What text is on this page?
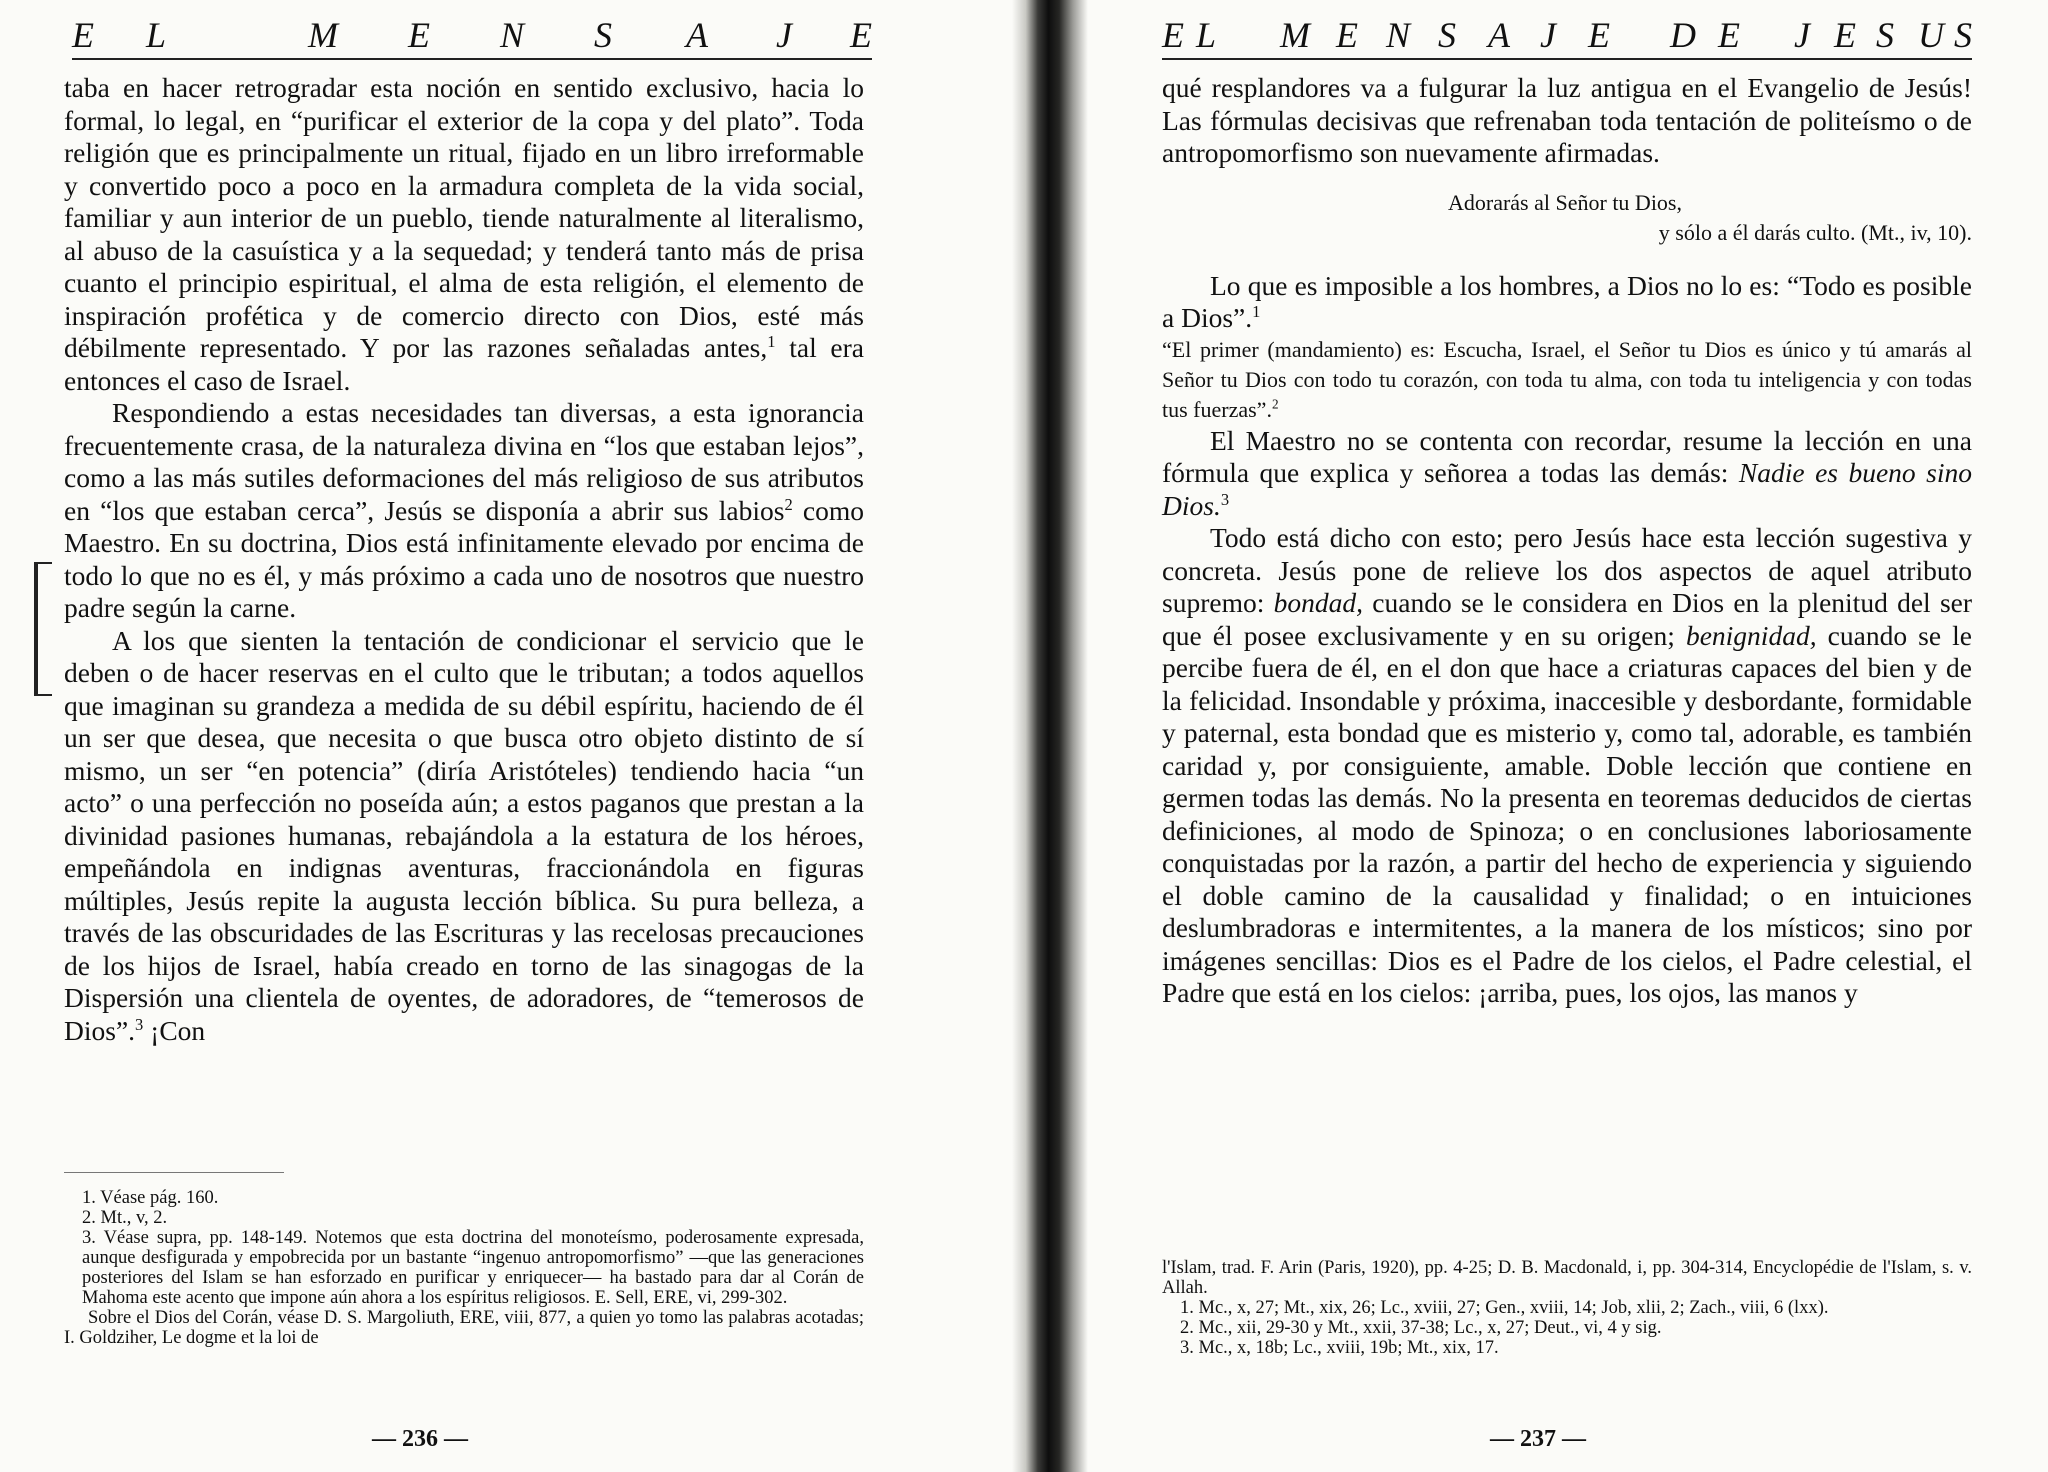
E L	M E N S A J E

taba en hacer retrogradar esta noción en sentido exclusivo, hacia lo formal, lo legal, en “purificar el exterior de la copa y del plato”. Toda religión que es principalmente un ritual, fijado en un libro irreformable y convertido poco a poco en la armadura completa de la vida social, familiar y aun interior de un pueblo, tiende naturalmente al literalismo, al abuso de la casuística y a la sequedad; y tenderá tanto más de prisa cuanto el principio espiritual, el alma de esta religión, el elemento de inspiración profética y de comercio directo con Dios, esté más débilmente representado. Y por las razones señaladas antes,$^1$ tal era entonces el caso de Israel.

Respondiendo a estas necesidades tan diversas, a esta ignorancia frecuentemente crasa, de la naturaleza divina en “los que estaban lejos”, como a las más sutiles deformaciones del más religioso de sus atributos en “los que estaban cerca”, Jesús se disponía a abrir sus labios$^2$ como Maestro. En su doctrina, Dios está infinitamente elevado por encima de todo lo que no es él, y más próximo a cada uno de nosotros que nuestro padre según la carne.

A los que sienten la tentación de condicionar el servicio que le deben o de hacer reservas en el culto que le tributan; a todos aquellos que imaginan su grandeza a medida de su débil espíritu, haciendo de él un ser que desea, que necesita o que busca otro objeto distinto de sí mismo, un ser “en potencia” (diría Aristóteles) tendiendo hacia “un acto” o una perfección no poseída aún; a estos paganos que prestan a la divinidad pasiones humanas, rebajándola a la estatura de los héroes, empeñándola en indignas aventuras, fraccionándola en figuras múltiples, Jesús repite la augusta lección bíblica. Su pura belleza, a través de las obscuridades de las Escrituras y las recelosas precauciones de los hijos de Israel, había creado en torno de las sinagogas de la Dispersión una clientela de oyentes, de adoradores, de “temerosos de Dios”.$^3$ ¡Con

1. Véase pág. 160.

2. Mt., v, 2.

3. Véase supra, pp. 148-149. Notemos que esta doctrina del monoteísmo, poderosamente expresada, aunque desfigurada y empobrecida por un bastante “ingenuo antropomorfismo” —que las generaciones posteriores del Islam se han esforzado en purificar y enriquecer— ha bastado para dar al Corán de Mahoma este acento que impone aún ahora a los espíritus religiosos. E. Sell, ERE, vi, 299-302.

Sobre el Dios del Corán, véase D. S. Margoliuth, ERE, viii, 877, a quien yo tomo las palabras acotadas; I. Goldziher, Le dogme et la loi de

— 236 —
E L M E N S A J E D E J E S U S

qué resplandores va a fulgurar la luz antigua en el Evangelio de Jesús! Las fórmulas decisivas que refrenaban toda tentación de politeísmo o de antropomorfismo son nuevamente afirmadas.

Adorarás al Señor tu Dios,
y sólo a él darás culto. (Mt., iv, 10).

Lo que es imposible a los hombres, a Dios no lo es: “Todo es posible a Dios”.$^1$

“El primer (mandamiento) es: Escucha, Israel, el Señor tu Dios es único y tú amarás al Señor tu Dios con todo tu corazón, con toda tu alma, con toda tu inteligencia y con todas tus fuerzas”.$^2$

El Maestro no se contenta con recordar, resume la lección en una fórmula que explica y señorea a todas las demás: Nadie es bueno sino Dios.$^3$

Todo está dicho con esto; pero Jesús hace esta lección sugestiva y concreta. Jesús pone de relieve los dos aspectos de aquel atributo supremo: bondad, cuando se le considera en Dios en la plenitud del ser que él posee exclusivamente y en su origen; benignidad, cuando se le percibe fuera de él, en el don que hace a criaturas capaces del bien y de la felicidad. Insondable y próxima, inaccesible y desbordante, formidable y paternal, esta bondad que es misterio y, como tal, adorable, es también caridad y, por consiguiente, amable. Doble lección que contiene en germen todas las demás. No la presenta en teoremas deducidos de ciertas definiciones, al modo de Spinoza; o en conclusiones laboriosamente conquistadas por la razón, a partir del hecho de experiencia y siguiendo el doble camino de la causalidad y finalidad; o en intuiciones deslumbradoras e intermitentes, a la manera de los místicos; sino por imágenes sencillas: Dios es el Padre de los cielos, el Padre celestial, el Padre que está en los cielos: ¡arriba, pues, los ojos, las manos y

l'Islam, trad. F. Arin (Paris, 1920), pp. 4-25; D. B. Macdonald, i, pp. 304-314, Encyclopédie de l'Islam, s. v. Allah.

1. Mc., x, 27; Mt., xix, 26; Lc., xviii, 27; Gen., xviii, 14; Job, xlii, 2; Zach., viii, 6 (lxx).

2. Mc., xii, 29-30 y Mt., xxii, 37-38; Lc., x, 27; Deut., vi, 4 y sig.

3. Mc., x, 18b; Lc., xviii, 19b; Mt., xix, 17.

— 237 —
